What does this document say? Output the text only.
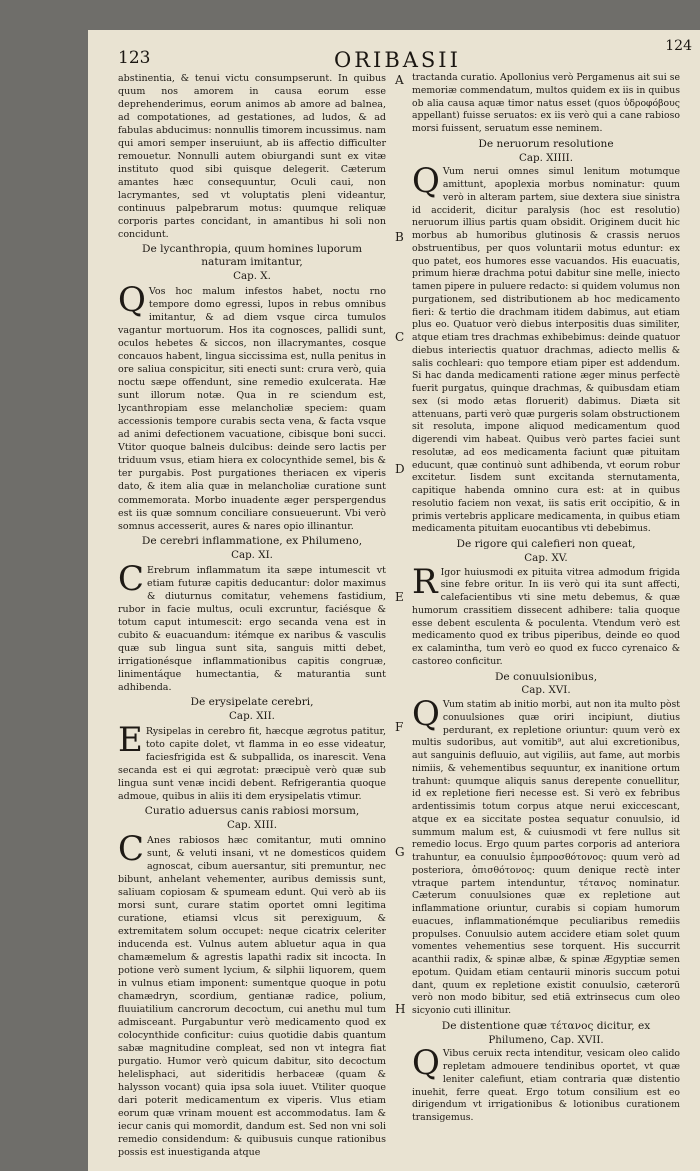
123	ORIBASII
124
A
B
C
D
E
F
G
H

abstinentia, & tenui victu consumpserunt. In quibus quum nos amorem in causa eorum esse deprehenderimus, eorum animos ab amore ad balnea, ad compotationes, ad gestationes, ad ludos, & ad fabulas abducimus: nonnullis timorem incussimus. nam qui amori semper inseruiunt, ab iis affectio difficulter remouetur. Nonnulli autem obiurgandi sunt ex vitæ instituto quod sibi quisque delegerit. Cæterum amantes hæc consequuntur, Oculi caui, non lacrymantes, sed vt voluptatis pleni videantur, continuus palpebrarum motus: quumque reliquæ corporis partes concidant, in amantibus hi soli non concidunt.

De lycanthropia, quum homines luporum naturam imitantur,
Cap. X.

Q Vos hoc malum infestos habet, noctu rno tempore domo egressi, lupos in rebus omnibus imitantur, & ad diem vsque circa tumulos vagantur mortuorum. Hos ita cognosces, pallidi sunt, oculos hebetes & siccos, non illacrymantes, cosque concauos habent, lingua siccissima est, nulla penitus in ore saliua conspicitur, siti enecti sunt: crura verò, quia noctu sæpe offendunt, sine remedio exulcerata. Hæ sunt illorum notæ. Qua in re sciendum est, lycanthropiam esse melancholiæ speciem: quam accessionis tempore curabis secta vena, & facta vsque ad animi defectionem vacuatione, cibisque boni succi. Vtitor quoque balneis dulcibus: deinde sero lactis per triduum vsus, etiam hiera ex colocynthide semel, bis & ter purgabis. Post purgationes theriacen ex viperis dato, & item alia quæ in melancholiæ curatione sunt commemorata. Morbo inuadente æger perspergendus est iis quæ somnum conciliare consueuerunt. Vbi verò somnus accesserit, aures & nares opio illinantur.

De cerebri inflammatione, ex Philumeno,
Cap. XI.

C Erebrum inflammatum ita sæpe intumescit vt etiam futuræ capitis deducantur: dolor maximus & diuturnus comitatur, vehemens fastidium, rubor in facie multus, oculi excruntur, faciésque & totum caput intumescit: ergo secanda vena est in cubito & euacuandum: itémque ex naribus & vasculis quæ sub lingua sunt sita, sanguis mitti debet, irrigationésque inflammationibus capitis congruæ, linimentáque humectantia, & maturantia sunt adhibenda.

De erysipelate cerebri,
Cap. XII.

E Rysipelas in cerebro fit, hæcque ægrotus patitur, toto capite dolet, vt flamma in eo esse videatur, faciesfrigida est & subpallida, os inarescit. Vena secanda est ei qui ægrotat: præcipuè verò quæ sub lingua sunt venæ incidi debent. Refrigerantia quoque admoue, quibus in aliis iti dem erysipelatis vtimur.

Curatio aduersus canis rabiosi morsum,
Cap. XIII.

C Anes rabiosos hæc comitantur, muti omnino sunt, & veluti insani, vt ne domesticos quidem agnoscat, cibum auersantur, siti premuntur, nec bibunt, anhelant vehementer, auribus demissis sunt, saliuam copiosam & spumeam edunt. Qui verò ab iis morsi sunt, curare statim oportet omni legitima curatione, etiamsi vlcus sit perexiguum, & extremitatem solum occupet: neque cicatrix celeriter inducenda est. Vulnus autem abluetur aqua in qua chamæmelum & agrestis lapathi radix sit incocta. In potione verò sument lycium, & silphii liquorem, quem in vulnus etiam imponent: sumentque quoque in potu chamædryn, scordium, gentianæ radice, polium, fluuiatilium cancrorum decoctum, cui anethu mul tum admisceant. Purgabuntur verò medicamento quod ex colocynthide conficitur: cuius quotidie dabis quantum sabæ magnitudine compleat, sed non vt integra fiat purgatio. Humor verò quicum dabitur, sito decoctum helelisphaci, aut sideritidis herbaceæ (quam & halysson vocant) quia ipsa sola iuuet. Vtiliter quoque dari poterit medicamentum ex viperis. Vlus etiam eorum quæ vrinam mouent est accommodatus. Iam & iecur canis qui momordit, dandum est. Sed non vni soli remedio considendum: & quibusuis cunque rationibus possis est inuestiganda atque

tractanda curatio. Apollonius verò Pergamenus ait sui se memoriæ commendatum, multos quidem ex iis in quibus ob alia causa aquæ timor natus esset (quos ὑδροφόβους appellant) fuisse seruatos: ex iis verò qui a cane rabioso morsi fuissent, seruatum esse neminem.

De neruorum resolutione
Cap. XIIII.

Q Vum nerui omnes simul lenitum motumque amittunt, apoplexia morbus nominatur: quum verò in alteram partem, siue dextera siue sinistra id acciderit, dicitur paralysis (hoc est resolutio) neruorum illius partis quam obsidit. Originem ducit hic morbus ab humoribus glutinosis & crassis neruos obstruentibus, per quos voluntarii motus eduntur: ex quo patet, eos humores esse vacuandos. His euacuatis, primum hieræ drachma potui dabitur sine melle, iniecto tamen pipere in puluere redacto: si quidem volumus non purgationem, sed distributionem ab hoc medicamento fieri: & tertio die drachmam itidem dabimus, aut etiam plus eo. Quatuor verò diebus interpositis duas similiter, atque etiam tres drachmas exhibebimus: deinde quatuor diebus interiectis quatuor drachmas, adiecto mellis & salis cochleari: quo tempore etiam piper est addendum. Si hac danda medicamenti ratione æger minus perfectè fuerit purgatus, quinque drachmas, & quibusdam etiam sex (si modo ætas floruerit) dabimus. Diæta sit attenuans, parti verò quæ purgeris solam obstructionem sit resoluta, impone aliquod medicamentum quod digerendi vim habeat. Quibus verò partes faciei sunt resolutæ, ad eos medicamenta faciunt quæ pituitam educunt, quæ continuò sunt adhibenda, vt eorum robur excitetur. Iisdem sunt excitanda sternutamenta, capitique habenda omnino cura est: at in quibus resolutio faciem non vexat, iis satis erit occipitio, & in primis vertebris applicare medicamenta, in quibus etiam medicamenta pituitam euocantibus vti debebimus.

De rigore qui calefieri non queat,
Cap. XV.

R Igor huiusmodi ex pituita vitrea admodum frigida sine febre oritur. In iis verò qui ita sunt affecti, calefacientibus vti sine metu debemus, & quæ humorum crassitiem dissecent adhibere: talia quoque esse debent esculenta & poculenta. Vtendum verò est medicamento quod ex tribus piperibus, deinde eo quod ex calamintha, tum verò eo quod ex fucco cyrenaico & castoreo conficitur.

De conuulsionibus,
Cap. XVI.

Q Vum statim ab initio morbi, aut non ita multo pòst conuulsiones quæ oriri incipiunt, diutius perdurant, ex repletione oriuntur: quum verò ex multis sudoribus, aut vomitib⁹, aut alui excretionibus, aut sanguinis defluuio, aut vigiliis, aut fame, aut morbis nimiis, & vehementibus sequuntur, ex inanitione ortum trahunt: quumque aliquis sanus derepente conuellitur, id ex repletione fieri necesse est. Si verò ex febribus ardentissimis totum corpus atque nerui exiccescant, atque ex ea siccitate postea sequatur conuulsio, id summum malum est, & cuiusmodi vt fere nullus sit remedio locus. Ergo quum partes corporis ad anteriora trahuntur, ea conuulsio ἐμπροσθότονος: quum verò ad posteriora, ὀπισθότονος: quum denique rectè inter vtraque partem intenduntur, τέτανος nominatur. Cæterum conuulsiones quæ ex repletione aut inflammatione oriuntur, curabis si copiam humorum euacues, inflammationémque peculiaribus remediis propulses. Conuulsio autem accidere etiam solet quum vomentes vehementius sese torquent. His succurrit acanthii radix, & spinæ albæ, & spinæ Ægyptiæ semen epotum. Quidam etiam centaurii minoris succum potui dant, quum ex repletione existit conuulsio, cæterorū verò non modo bibitur, sed etiā extrinsecus cum oleo sicyonio cuti illinitur.

De distentione quæ τέτανος dicitur, ex
Philumeno, Cap. XVII.

Q Vibus ceruix recta intenditur, vesicam oleo calido repletam admouere tendinibus oportet, vt quæ leniter calefiunt, etiam contraria quæ distentio inuehit, ferre queat. Ergo totum consilium est eo dirigendum vt irrigationibus & lotionibus curationem transigemus.
